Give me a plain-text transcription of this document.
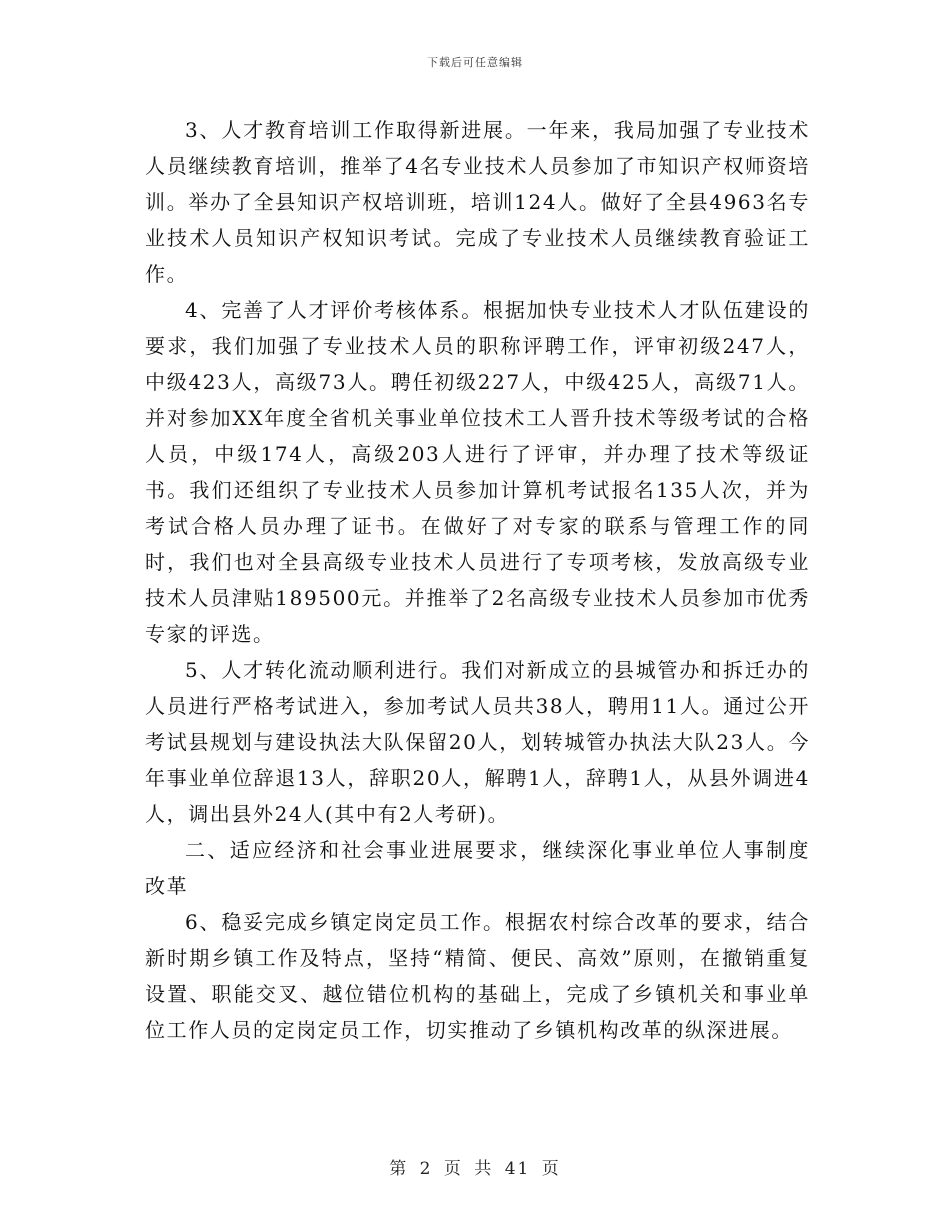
下载后可任意编辑

3、人才教育培训工作取得新进展。一年来，我局加强了专业技术人员继续教育培训，推举了4名专业技术人员参加了市知识产权师资培训。举办了全县知识产权培训班，培训124人。做好了全县4963名专业技术人员知识产权知识考试。完成了专业技术人员继续教育验证工作。

4、完善了人才评价考核体系。根据加快专业技术人才队伍建设的要求，我们加强了专业技术人员的职称评聘工作，评审初级247人，中级423人，高级73人。聘任初级227人，中级425人，高级71人。并对参加XX年度全省机关事业单位技术工人晋升技术等级考试的合格人员，中级174人，高级203人进行了评审，并办理了技术等级证书。我们还组织了专业技术人员参加计算机考试报名135人次，并为考试合格人员办理了证书。在做好了对专家的联系与管理工作的同时，我们也对全县高级专业技术人员进行了专项考核，发放高级专业技术人员津贴189500元。并推举了2名高级专业技术人员参加市优秀专家的评选。

5、人才转化流动顺利进行。我们对新成立的县城管办和拆迁办的人员进行严格考试进入，参加考试人员共38人，聘用11人。通过公开考试县规划与建设执法大队保留20人，划转城管办执法大队23人。今年事业单位辞退13人，辞职20人，解聘1人，辞聘1人，从县外调进4人，调出县外24人(其中有2人考研)。

二、适应经济和社会事业进展要求，继续深化事业单位人事制度改革

6、稳妥完成乡镇定岗定员工作。根据农村综合改革的要求，结合新时期乡镇工作及特点，坚持“精简、便民、高效”原则，在撤销重复设置、职能交叉、越位错位机构的基础上，完成了乡镇机关和事业单位工作人员的定岗定员工作，切实推动了乡镇机构改革的纵深进展。

第 2 页 共 41 页
